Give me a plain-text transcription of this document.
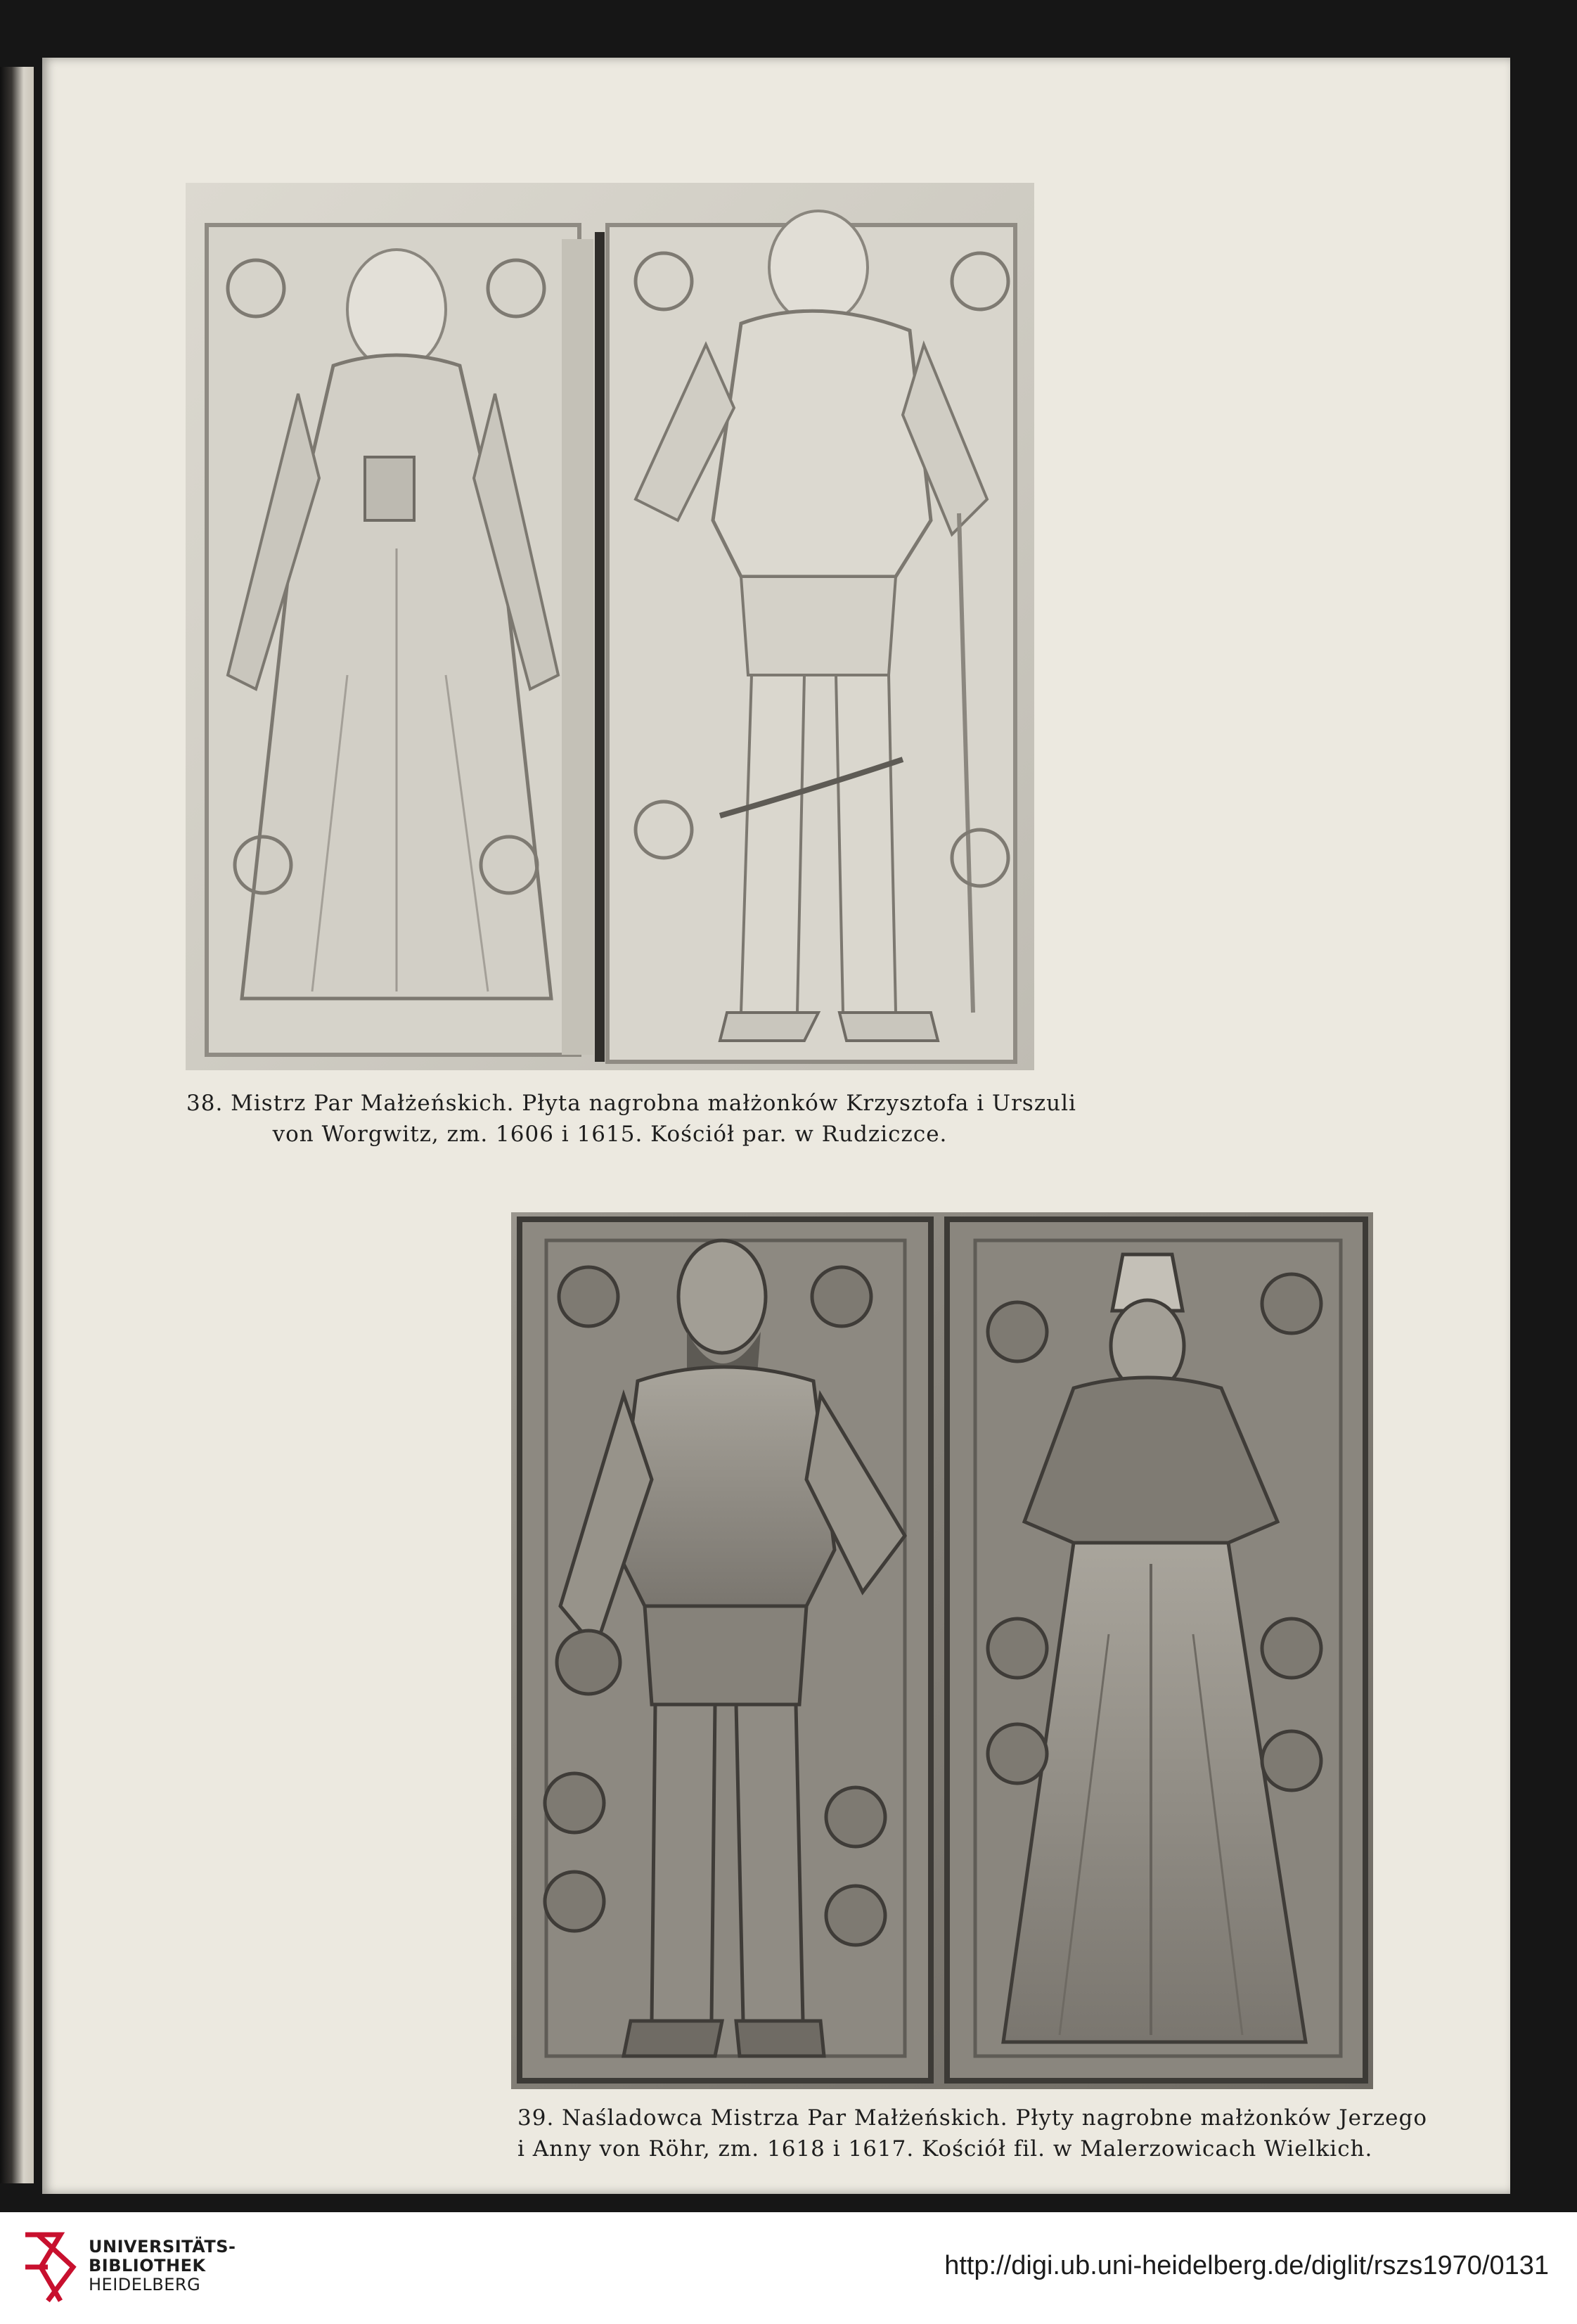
38. Mistrz Par Małżeńskich. Płyta nagrobna małżonków Krzysztofa i Urszuli
von Worgwitz, zm. 1606 i 1615. Kościół par. w Rudziczce.

39. Naśladowca Mistrza Par Małżeńskich. Płyty nagrobne małżonków Jerzego
i Anny von Röhr, zm. 1618 i 1617. Kościół fil. w Malerzowicach Wielkich.

UNIVERSITÄTS-
BIBLIOTHEK
HEIDELBERG
http://digi.ub.uni-heidelberg.de/diglit/rszs1970/0131
